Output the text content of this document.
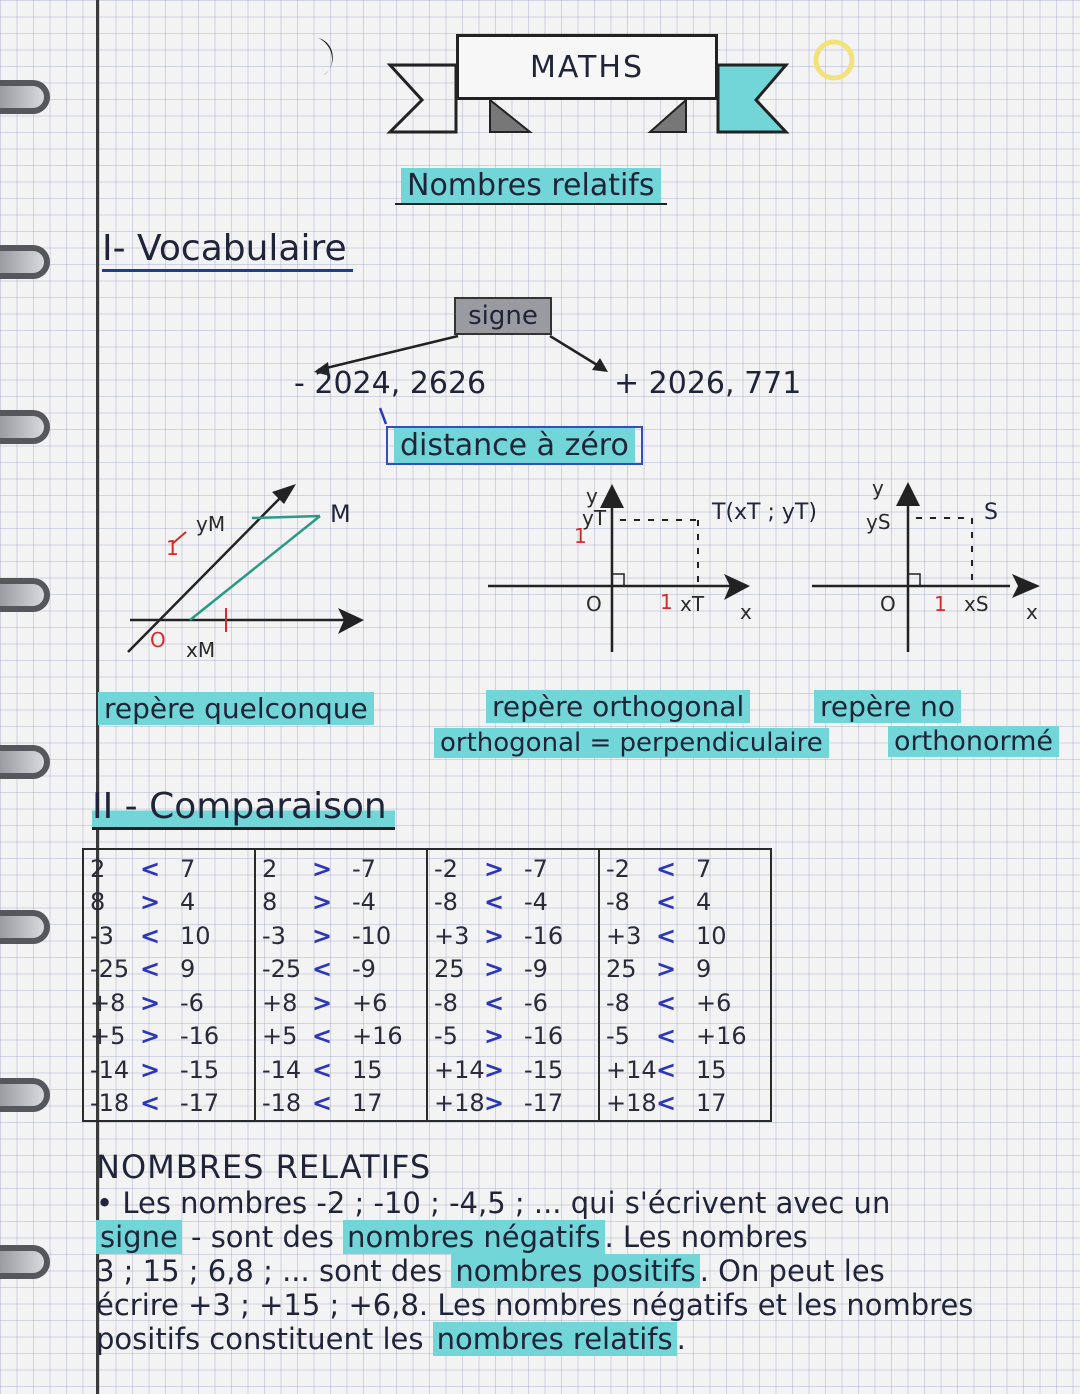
MATHS
Nombres relatifs
I- Vocabulaire
signe
- 2024, 2626	+ 2026, 771
distance à zéro
yM	M
xM
1
O
y
yT	T(xT ; yT)
O	xT x
1
1
y
yS	S
O	xS x
1
repère quelconque	repère orthogonal
orthogonal = perpendiculaire
repère no
orthonormé
II - Comparaison
2	< 7
8	> 4
-3	< 10
-25 < 9
+8 > -6
+5 > -16
-14 > -15
-18 < -17

2	> -7
8	> -4
-3	> -10
-25 < -9
+8 > +6
+5 < +16
-14 < 15
-18 < 17

-2	> -7
-8	< -4
+3 > -16
25 > -9
-8	< -6
-5	> -16
+14 > -15
+18 > -17

-2	< 7
-8	< 4
+3 < 10
25 > 9
-8	< +6
-5	< +16
+14 < 15
+18 < 17
NOMBRES RELATIFS
• Les nombres -2 ; -10 ; -4,5 ; ... qui s'écrivent avec un
signe - sont des nombres négatifs . Les nombres
3 ; 15 ; 6,8 ; ... sont des nombres positifs . On peut les
écrire +3 ; +15 ; +6,8. Les nombres négatifs et les nombres
positifs constituent les nombres relatifs .
